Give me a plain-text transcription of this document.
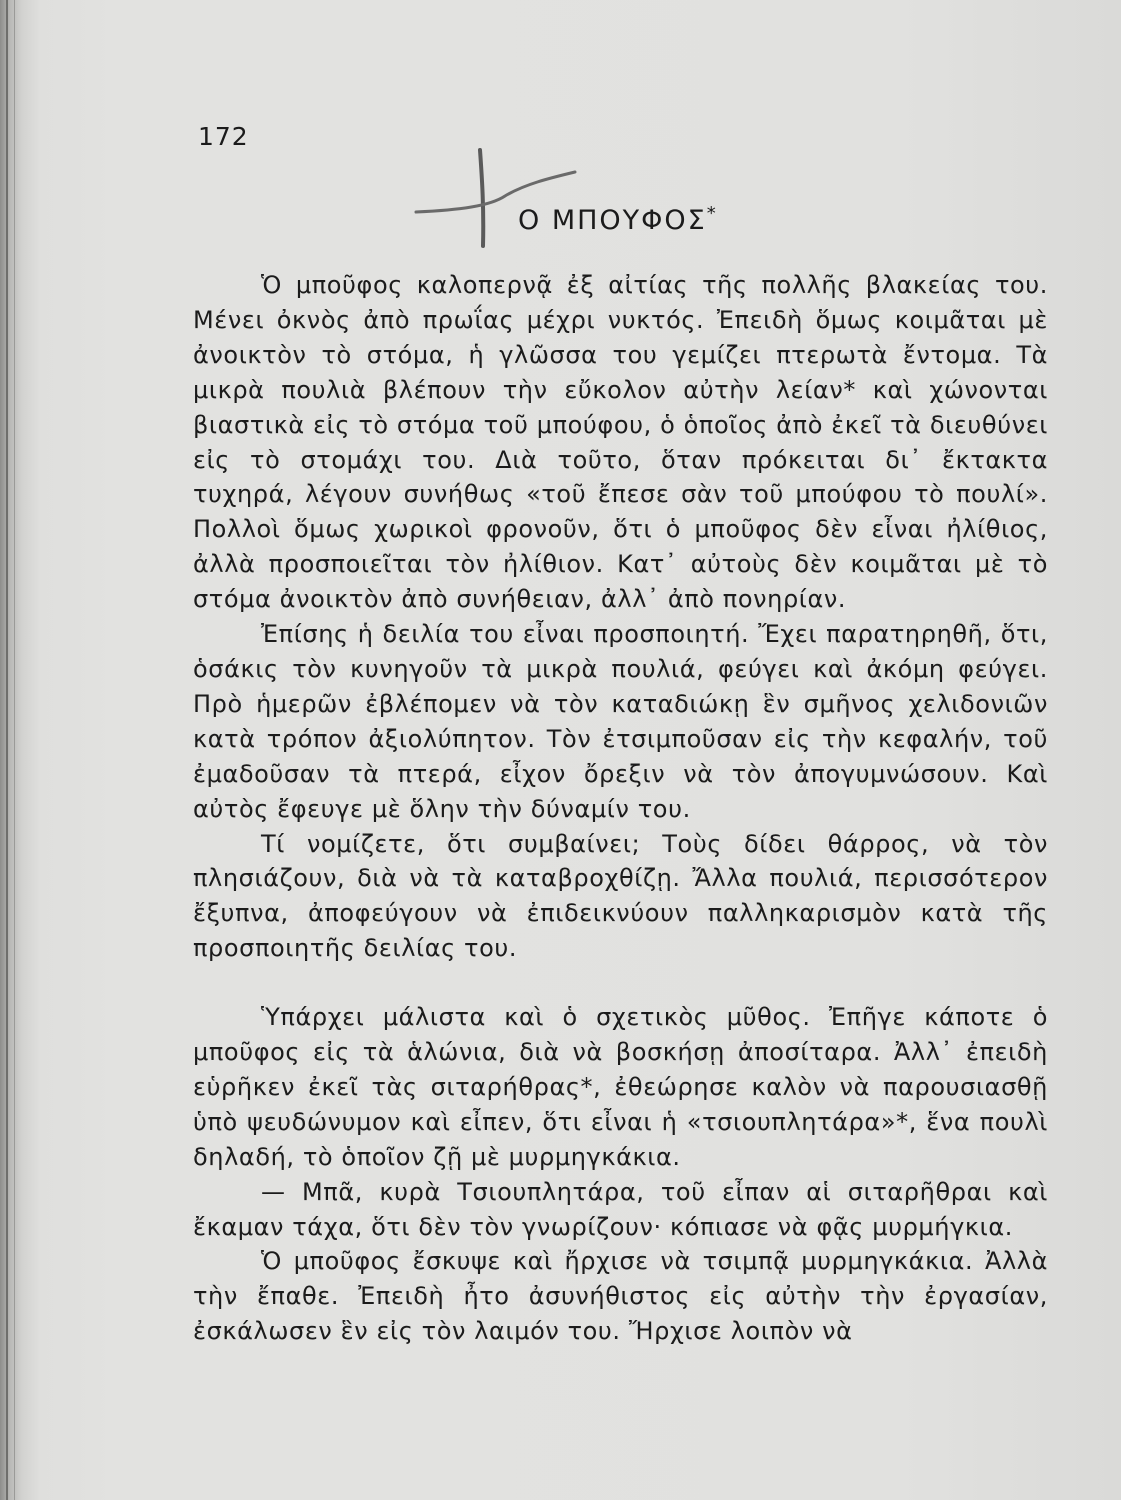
172
Ο ΜΠΟΥΦΟΣ*

Ὁ μποῦφος καλοπερνᾷ ἐξ αἰτίας τῆς πολλῆς βλακείας του. Μένει ὀκνὸς ἀπὸ πρωΐας μέχρι νυκτός. Ἐπειδὴ ὅμως κοιμᾶται μὲ ἀνοικτὸν τὸ στόμα, ἡ γλῶσσα του γεμίζει πτερωτὰ ἔντομα. Τὰ μικρὰ πουλιὰ βλέπουν τὴν εὔκολον αὐτὴν λείαν* καὶ χώνονται βιαστικὰ εἰς τὸ στόμα τοῦ μπούφου, ὁ ὁποῖος ἀπὸ ἐκεῖ τὰ διευθύνει εἰς τὸ στομάχι του. Διὰ τοῦτο, ὅταν πρόκειται δι᾿ ἔκτακτα τυχηρά, λέγουν συνήθως «τοῦ ἔπεσε σὰν τοῦ μπούφου τὸ πουλί». Πολλοὶ ὅμως χωρικοὶ φρονοῦν, ὅτι ὁ μποῦφος δὲν εἶναι ἠλίθιος, ἀλλὰ προσποιεῖται τὸν ἠλίθιον. Κατ᾿ αὐτοὺς δὲν κοιμᾶται μὲ τὸ στόμα ἀνοικτὸν ἀπὸ συνήθειαν, ἀλλ᾿ ἀπὸ πονηρίαν.

Ἐπίσης ἡ δειλία του εἶναι προσποιητή. Ἔχει παρατηρηθῆ, ὅτι, ὁσάκις τὸν κυνηγοῦν τὰ μικρὰ πουλιά, φεύγει καὶ ἀκόμη φεύγει. Πρὸ ἡμερῶν ἐβλέπομεν νὰ τὸν καταδιώκῃ ἓν σμῆνος χελιδονιῶν κατὰ τρόπον ἀξιολύπητον. Τὸν ἐτσιμποῦσαν εἰς τὴν κεφαλήν, τοῦ ἐμαδοῦσαν τὰ πτερά, εἶχον ὄρεξιν νὰ τὸν ἀπογυμνώσουν. Καὶ αὐτὸς ἔφευγε μὲ ὅλην τὴν δύναμίν του.

Τί νομίζετε, ὅτι συμβαίνει; Τοὺς δίδει θάρρος, νὰ τὸν πλησιάζουν, διὰ νὰ τὰ καταβροχθίζῃ. Ἄλλα πουλιά, περισσότερον ἔξυπνα, ἀποφεύγουν νὰ ἐπιδεικνύουν παλληκαρισμὸν κατὰ τῆς προσποιητῆς δειλίας του.

Ὑπάρχει μάλιστα καὶ ὁ σχετικὸς μῦθος. Ἐπῆγε κάποτε ὁ μποῦφος εἰς τὰ ἁλώνια, διὰ νὰ βοσκήσῃ ἀποσίταρα. Ἀλλ᾿ ἐπειδὴ εὑρῆκεν ἐκεῖ τὰς σιταρήθρας*, ἐθεώρησε καλὸν νὰ παρουσιασθῇ ὑπὸ ψευδώνυμον καὶ εἶπεν, ὅτι εἶναι ἡ «τσιουπλητάρα»*, ἕνα πουλὶ δηλαδή, τὸ ὁποῖον ζῇ μὲ μυρμηγκάκια.

— Μπᾶ, κυρὰ Τσιουπλητάρα, τοῦ εἶπαν αἱ σιταρῆθραι καὶ ἔκαμαν τάχα, ὅτι δὲν τὸν γνωρίζουν· κόπιασε νὰ φᾷς μυρμήγκια.

Ὁ μποῦφος ἔσκυψε καὶ ἤρχισε νὰ τσιμπᾷ μυρμηγκάκια. Ἀλλὰ τὴν ἔπαθε. Ἐπειδὴ ἦτο ἀσυνήθιστος εἰς αὐτὴν τὴν ἐργασίαν, ἐσκάλωσεν ἓν εἰς τὸν λαιμόν του. Ἤρχισε λοιπὸν νὰ
